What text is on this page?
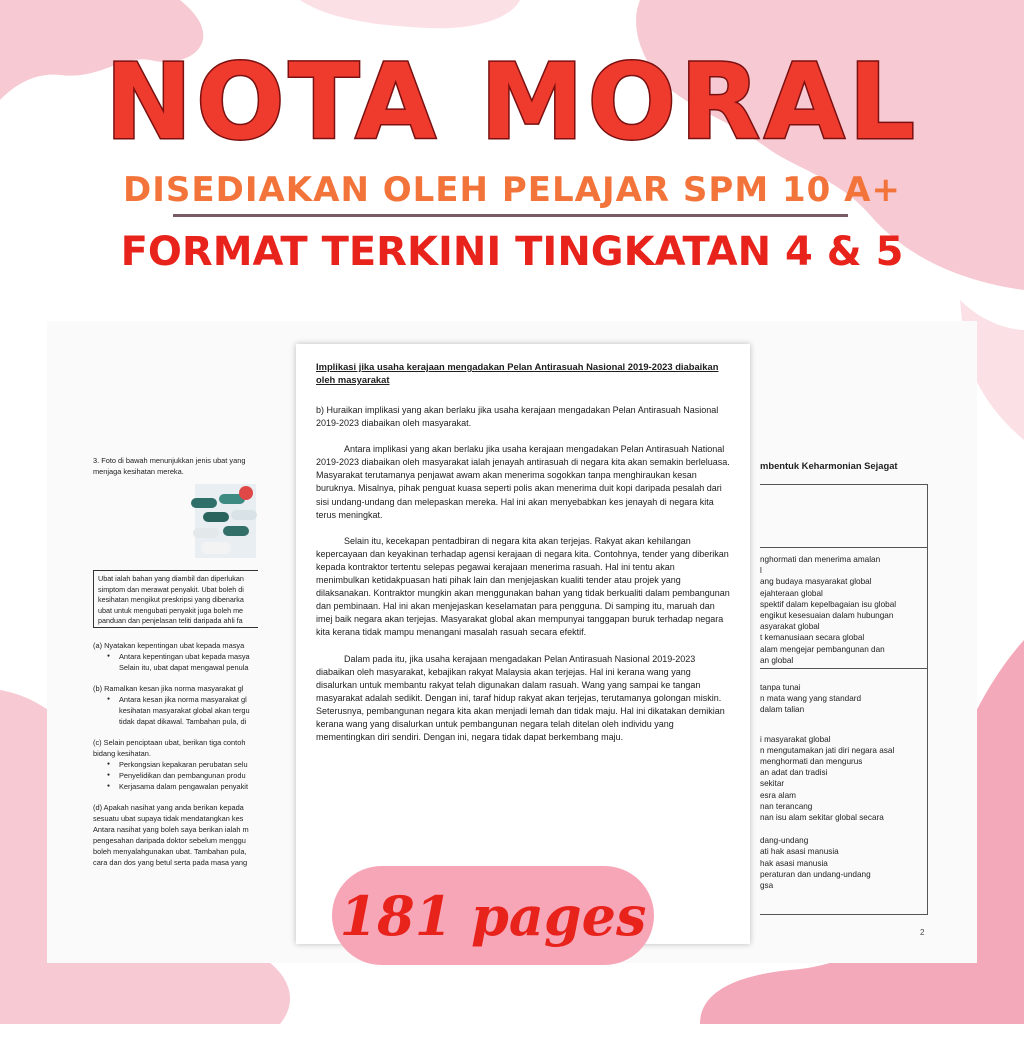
NOTA MORAL
DISEDIAKAN OLEH PELAJAR SPM 10 A+
FORMAT TERKINI TINGKATAN 4 & 5

3. Foto di bawah menunjukkan jenis ubat yang menjaga kesihatan mereka.

Ubat ialah bahan yang diambil dan diperlukan
simptom dan merawat penyakit. Ubat boleh di
kesihatan mengikut preskripsi yang dibenarka
ubat untuk mengubati penyakit juga boleh me
panduan dan penjelasan teliti daripada ahli fa
(a) Nyatakan kepentingan ubat kepada masya
● Antara kepentingan ubat kepada masya
Selain itu, ubat dapat mengawal penula
(b) Ramalkan kesan jika norma masyarakat gl
● Antara kesan jika norma masyarakat gl
kesihatan masyarakat global akan tergu
tidak dapat dikawal. Tambahan pula, di
(c) Selain penciptaan ubat, berikan tiga contoh
bidang kesihatan.
● Perkongsian kepakaran perubatan selu
● Penyelidikan dan pembangunan produ
● Kerjasama dalam pengawalan penyakit
(d) Apakah nasihat yang anda berikan kepada
sesuatu ubat supaya tidak mendatangkan kes
Antara nasihat yang boleh saya berikan ialah m
pengesahan daripada doktor sebelum menggu
boleh menyalahgunakan ubat. Tambahan pula,
cara dan dos yang betul serta pada masa yang
mbentuk Keharmonian Sejagat
nghormati dan menerima amalan
l
ang budaya masyarakat global
ejahteraan global
spektif dalam kepelbagaian isu global
engikut kesesuaian dalam hubungan
asyarakat global
t kemanusiaan secara global
alam mengejar pembangunan dan
an global
tanpa tunai
n mata wang yang standard
dalam talian
i masyarakat global
n mengutamakan jati diri negara asal
menghormati dan mengurus
an adat dan tradisi
sekitar
esra alam
nan terancang
nan isu alam sekitar global secara
dang-undang
ati hak asasi manusia
hak asasi manusia
peraturan dan undang-undang
gsa
2
Implikasi jika usaha kerajaan mengadakan Pelan Antirasuah Nasional 2019-2023 diabaikan oleh masyarakat

b) Huraikan implikasi yang akan berlaku jika usaha kerajaan mengadakan Pelan Antirasuah Nasional 2019-2023 diabaikan oleh masyarakat.

Antara implikasi yang akan berlaku jika usaha kerajaan mengadakan Pelan Antirasuah National 2019-2023 diabaikan oleh masyarakat ialah jenayah antirasuah di negara kita akan semakin berleluasa. Masyarakat terutamanya penjawat awam akan menerima sogokkan tanpa menghiraukan kesan buruknya. Misalnya, pihak penguat kuasa seperti polis akan menerima duit kopi daripada pesalah dari sisi undang-undang dan melepaskan mereka. Hal ini akan menyebabkan kes jenayah di negara kita terus meningkat.

Selain itu, kecekapan pentadbiran di negara kita akan terjejas. Rakyat akan kehilangan kepercayaan dan keyakinan terhadap agensi kerajaan di negara kita. Contohnya, tender yang diberikan kepada kontraktor tertentu selepas pegawai kerajaan menerima rasuah. Hal ini tentu akan menimbulkan ketidakpuasan hati pihak lain dan menjejaskan kualiti tender atau projek yang dilaksanakan. Kontraktor mungkin akan menggunakan bahan yang tidak berkualiti dalam pembangunan dan pembinaan. Hal ini akan menjejaskan keselamatan para pengguna. Di samping itu, maruah dan imej baik negara akan terjejas. Masyarakat global akan mempunyai tanggapan buruk terhadap negara kita kerana tidak mampu menangani masalah rasuah secara efektif.

Dalam pada itu, jika usaha kerajaan mengadakan Pelan Antirasuah Nasional 2019-2023 diabaikan oleh masyarakat, kebajikan rakyat Malaysia akan terjejas. Hal ini kerana wang yang disalurkan untuk membantu rakyat telah digunakan dalam rasuah. Wang yang sampai ke tangan masyarakat adalah sedikit. Dengan ini, taraf hidup rakyat akan terjejas, terutamanya golongan miskin. Seterusnya, pembangunan negara kita akan menjadi lemah dan tidak maju. Hal ini dikatakan demikian kerana wang yang disalurkan untuk pembangunan negara telah ditelan oleh individu yang mementingkan diri sendiri. Dengan ini, negara tidak dapat berkembang maju.

181 pages
